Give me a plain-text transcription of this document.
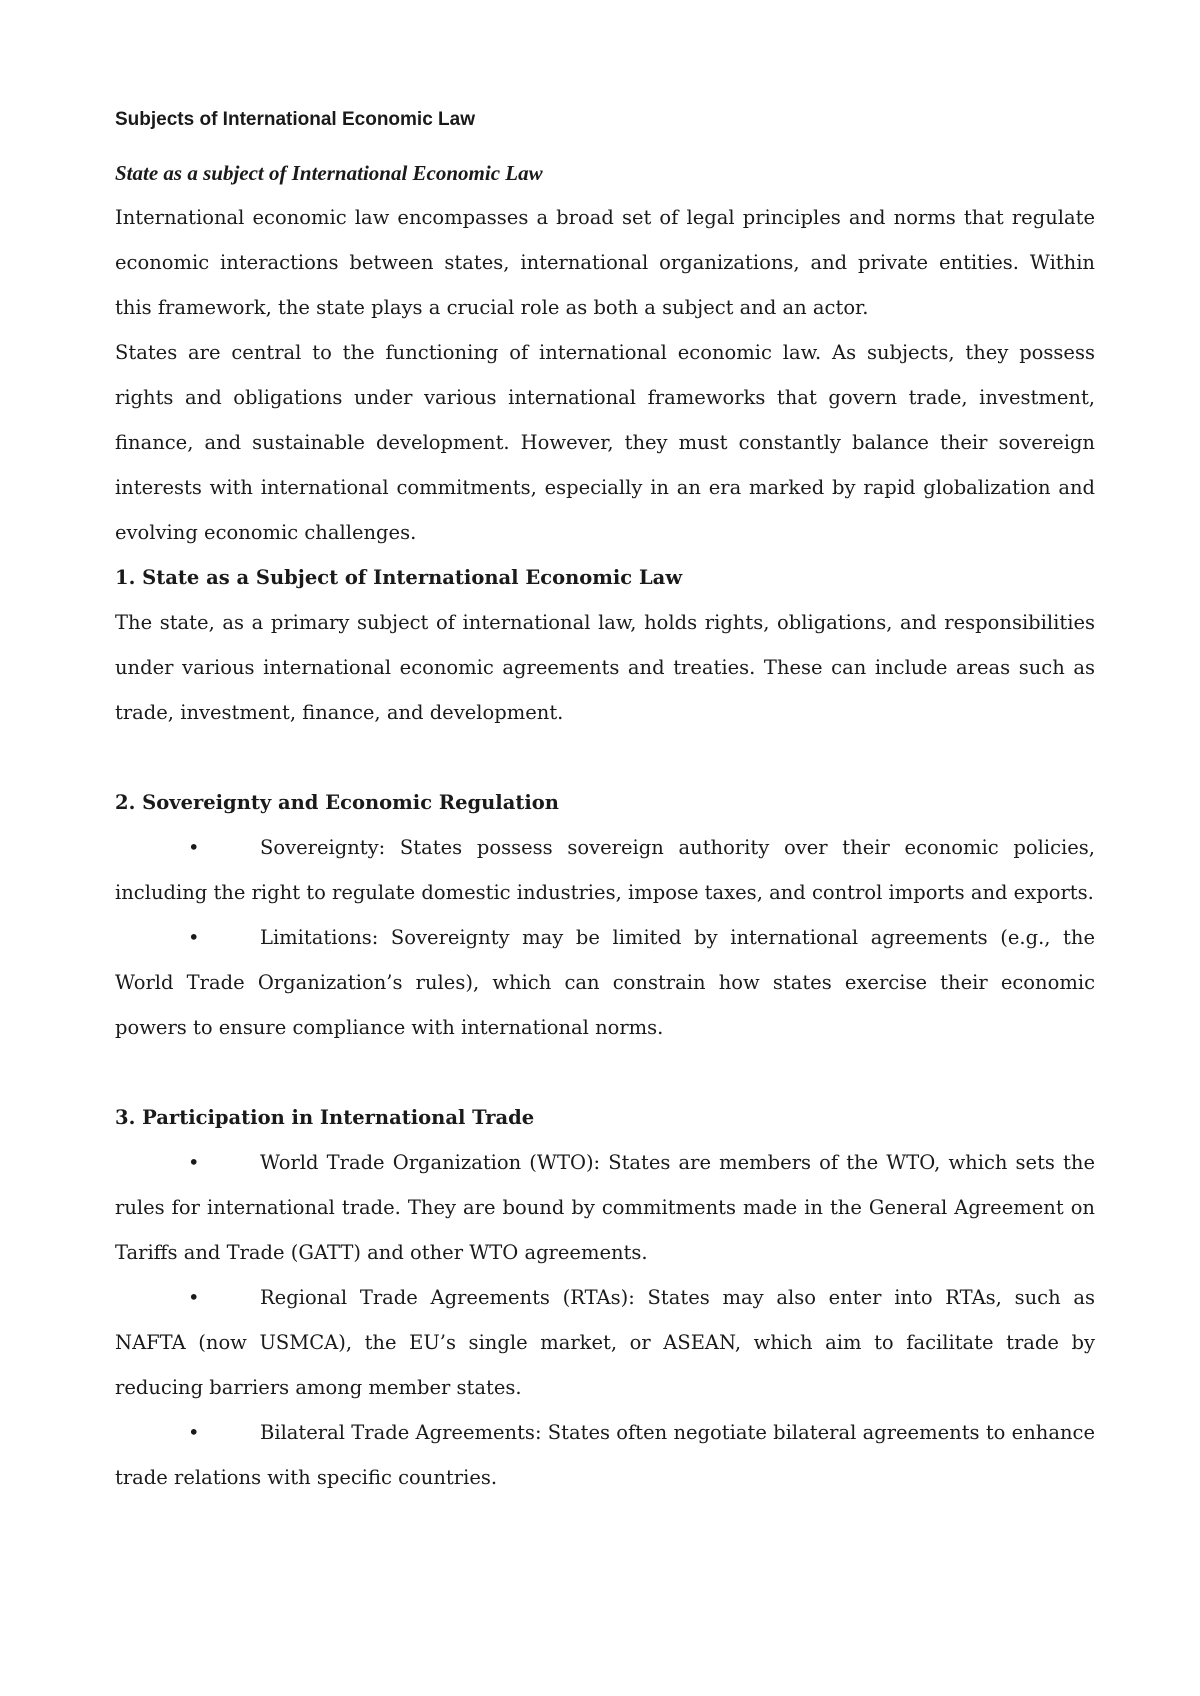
Subjects of International Economic Law
State as a subject of International Economic Law

International economic law encompasses a broad set of legal principles and norms that regulate economic interactions between states, international organizations, and private entities. Within this framework, the state plays a crucial role as both a subject and an actor.

States are central to the functioning of international economic law. As subjects, they possess rights and obligations under various international frameworks that govern trade, investment, finance, and sustainable development. However, they must constantly balance their sovereign interests with international commitments, especially in an era marked by rapid globalization and evolving economic challenges.

1. State as a Subject of International Economic Law

The state, as a primary subject of international law, holds rights, obligations, and responsibilities under various international economic agreements and treaties. These can include areas such as trade, investment, finance, and development.

2. Sovereignty and Economic Regulation

•	Sovereignty: States possess sovereign authority over their economic policies, including the right to regulate domestic industries, impose taxes, and control imports and exports.
•	Limitations: Sovereignty may be limited by international agreements (e.g., the World Trade Organization’s rules), which can constrain how states exercise their economic powers to ensure compliance with international norms.

3. Participation in International Trade

•	World Trade Organization (WTO): States are members of the WTO, which sets the rules for international trade. They are bound by commitments made in the General Agreement on Tariffs and Trade (GATT) and other WTO agreements.
•	Regional Trade Agreements (RTAs): States may also enter into RTAs, such as NAFTA (now USMCA), the EU’s single market, or ASEAN, which aim to facilitate trade by reducing barriers among member states.
•	Bilateral Trade Agreements: States often negotiate bilateral agreements to enhance trade relations with specific countries.
